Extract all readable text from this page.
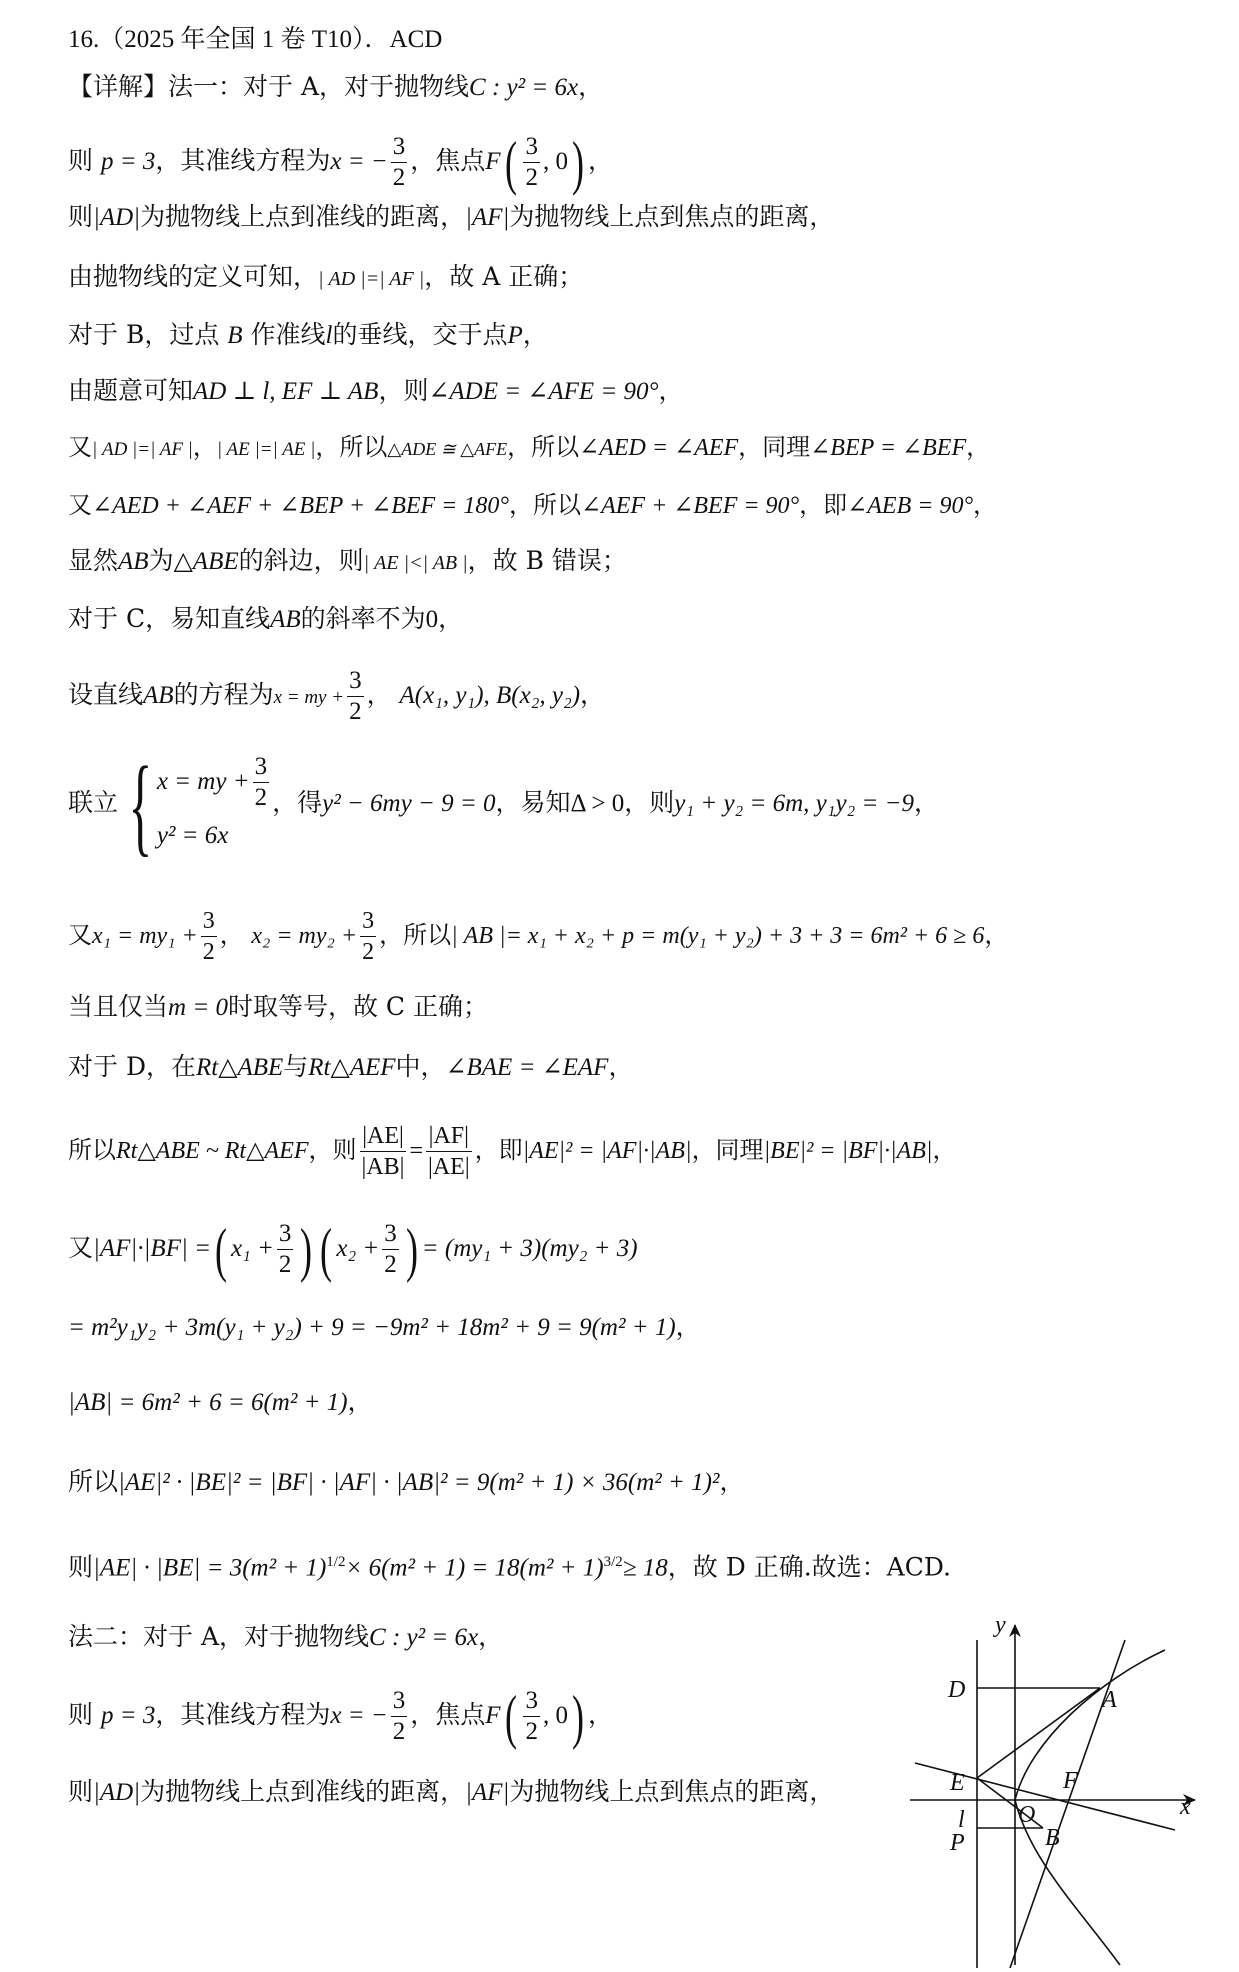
16.（2025 年全国 1 卷 T10）．ACD
【详解】法一：对于 A，对于抛物线C : y² = 6x，
则 p = 3，其准线方程为x = − $\frac{3}{2}$ ，焦点$F( \frac{3}{2}$ , 0) ，
则|AD|为抛物线上点到准线的距离，|AF|为抛物线上点到焦点的距离，
由抛物线的定义可知，| AD |=| AF |，故 A 正确；
对于 B，过点 B 作准线l的垂线，交于点P，
由题意可知AD ⊥ l, EF ⊥ AB，则∠ADE = ∠AFE = 90°，
又| AD |=| AF |，| AE |=| AE |，所以△ADE ≅ △AFE，所以∠AED = ∠AEF，同理∠BEP = ∠BEF，
又∠AED + ∠AEF + ∠BEP + ∠BEF = 180°，所以∠AEF + ∠BEF = 90°，即∠AEB = 90°，
显然AB为△ABE的斜边，则| AE |<| AB |，故 B 错误；
对于 C，易知直线AB的斜率不为0，
设直线AB的方程为x = my + $\frac{3}{2}$ ， A(x₁, y₁), B(x₂, y₂)，
联立{ x = my + $\frac{3}{2}$
y² = 6x
，得y² − 6my − 9 = 0，易知Δ > 0，则y₁ + y₂ = 6m, y₁y₂ = −9，
又$x_1 = my_1 + \frac{3}{2}$ ， $x_2 = my_2 + \frac{3}{2}$ ，所以| AB |= x₁ + x₂ + p = m(y₁ + y₂) + 3 + 3 = 6m² + 6 ≥ 6，
当且仅当m = 0时取等号，故 C 正确；
对于 D，在Rt△ABE与Rt△AEF中，∠BAE = ∠EAF，
所以Rt△ABE ~ Rt△AEF，则 $\frac{|AE|}{|AB|} = \frac{|AF|}{|AE|}$ ，即|AE|² = |AF|·|AB|，同理|BE|² = |BF|·|AB|，
又|AF|·|BF| =( $x_1 + \frac{3}{2}$ ) ( $x_2 + \frac{3}{2}$ ) = (my₁ + 3)(my₂ + 3)
= m²y₁y₂ + 3m(y₁ + y₂) + 9 = −9m² + 18m² + 9 = 9(m² + 1)，
|AB| = 6m² + 6 = 6(m² + 1)，
所以|AE|² · |BE|² = |BF| · |AF| · |AB|² = 9(m² + 1) × 36(m² + 1)²，
则$|AE| \cdot |BE| = 3(m^2 + 1)^{1/2}\times 6(m^2 + 1) = 18(m^2 + 1)^{3/2}\ge 18$，故 D 正确.故选：ACD.
法二：对于 A，对于抛物线C : y² = 6x，
则 p = 3，其准线方程为x = − $\frac{3}{2}$ ，焦点$F( \frac{3}{2}$ , 0) ，
则|AD|为抛物线上点到准线的距离，|AF|为抛物线上点到焦点的距离，
y
x
D	A
E	F
O
l
P	B
